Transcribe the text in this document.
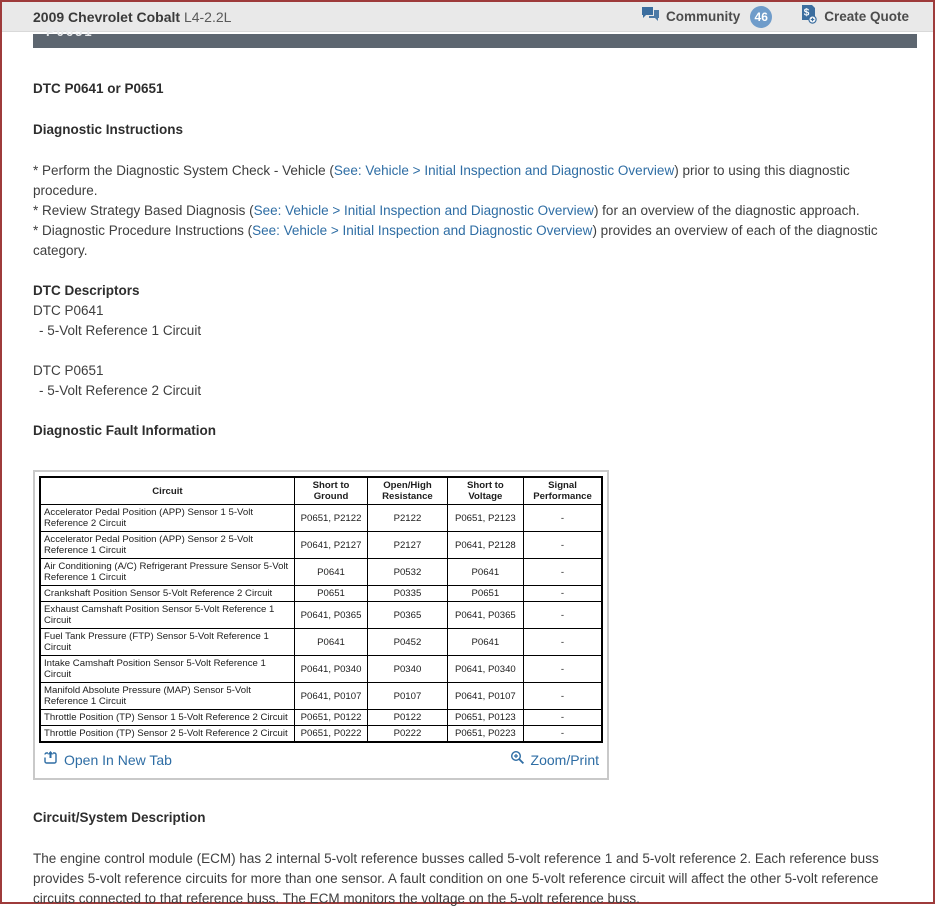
2009 Chevrolet Cobalt L4-2.2L	Community	46	$ Create Quote
P0651
DTC P0641 or P0651
Diagnostic Instructions
* Perform the Diagnostic System Check - Vehicle (See: Vehicle > Initial Inspection and Diagnostic Overview) prior to using this diagnostic procedure.
* Review Strategy Based Diagnosis (See: Vehicle > Initial Inspection and Diagnostic Overview) for an overview of the diagnostic approach.
* Diagnostic Procedure Instructions (See: Vehicle > Initial Inspection and Diagnostic Overview) provides an overview of each of the diagnostic category.
DTC Descriptors
DTC P0641
- 5-Volt Reference 1 Circuit
DTC P0651
- 5-Volt Reference 2 Circuit
Diagnostic Fault Information
Circuit	Short to Ground	Open/High Resistance	Short to Voltage	Signal Performance
Accelerator Pedal Position (APP) Sensor 1 5-Volt Reference 2 Circuit	P0651, P2122	P2122	P0651, P2123	-
Accelerator Pedal Position (APP) Sensor 2 5-Volt Reference 1 Circuit	P0641, P2127	P2127	P0641, P2128	-
Air Conditioning (A/C) Refrigerant Pressure Sensor 5-Volt Reference 1 Circuit	P0641	P0532	P0641	-
Crankshaft Position Sensor 5-Volt Reference 2 Circuit	P0651	P0335	P0651	-
Exhaust Camshaft Position Sensor 5-Volt Reference 1 Circuit	P0641, P0365	P0365	P0641, P0365	-
Fuel Tank Pressure (FTP) Sensor 5-Volt Reference 1 Circuit	P0641	P0452	P0641	-
Intake Camshaft Position Sensor 5-Volt Reference 1 Circuit	P0641, P0340	P0340	P0641, P0340	-
Manifold Absolute Pressure (MAP) Sensor 5-Volt Reference 1 Circuit	P0641, P0107	P0107	P0641, P0107	-
Throttle Position (TP) Sensor 1 5-Volt Reference 2 Circuit	P0651, P0122	P0122	P0651, P0123	-
Throttle Position (TP) Sensor 2 5-Volt Reference 2 Circuit	P0651, P0222	P0222	P0651, P0223	-
Open In New Tab	Zoom/Print
Circuit/System Description
The engine control module (ECM) has 2 internal 5-volt reference busses called 5-volt reference 1 and 5-volt reference 2. Each reference buss provides 5-volt reference circuits for more than one sensor. A fault condition on one 5-volt reference circuit will affect the other 5-volt reference circuits connected to that reference buss. The ECM monitors the voltage on the 5-volt reference buss.
